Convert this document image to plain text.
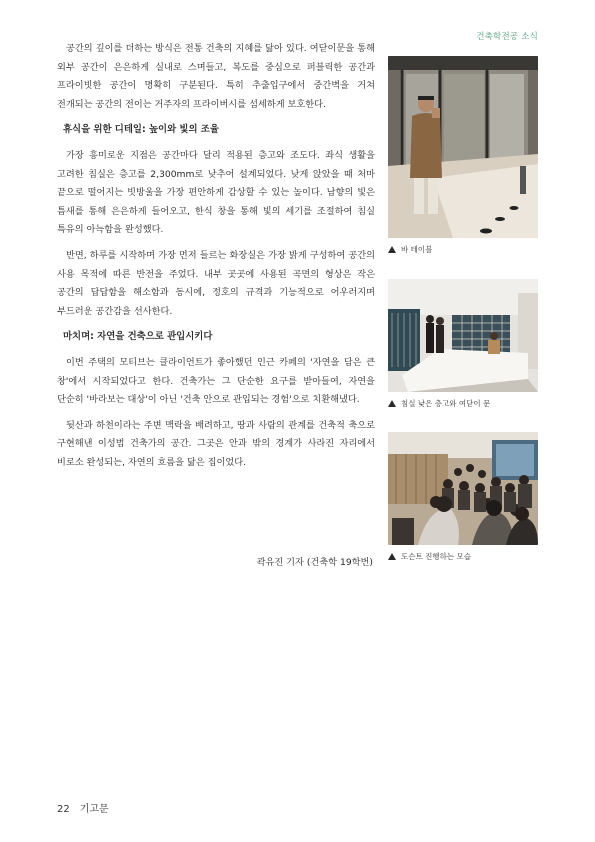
건축학전공 소식

공간의 깊이를 더하는 방식은 전통 건축의 지혜를 닮아 있다. 여닫이문을 통해 외부 공간이 은은하게 실내로 스며들고, 복도를 중심으로 퍼블릭한 공간과 프라이빗한 공간이 명확히 구분된다. 특히 추출입구에서 중간벽을 거쳐 전개되는 공간의 전이는 거주자의 프라이버시를 섬세하게 보호한다.

휴식을 위한 디테일: 높이와 빛의 조율

가장 흥미로운 지점은 공간마다 달리 적용된 층고와 조도다. 좌식 생활을 고려한 침실은 층고를 2,300mm로 낮추어 설계되었다. 낮게 앉았을 때 처마 끝으로 떨어지는 빗방울을 가장 편안하게 감상할 수 있는 높이다. 남향의 빛은 틈새를 통해 은은하게 들어오고, 한식 창을 통해 빛의 세기를 조절하여 침실 특유의 아늑함을 완성했다.

반면, 하루를 시작하며 가장 먼저 들르는 화장실은 가장 밝게 구성하여 공간의 사용 목적에 따른 반전을 주었다. 내부 곳곳에 사용된 곡면의 형상은 작은 공간의 답답함을 해소함과 동시에, 정호의 규격과 기능적으로 어우러지며 부드러운 공간감을 선사한다.

마치며: 자연을 건축으로 관입시키다

이번 주택의 모티브는 클라이언트가 좋아했던 인근 카페의 '자연을 담은 큰 창'에서 시작되었다고 한다. 건축가는 그 단순한 요구를 받아들여, 자연을 단순히 '바라보는 대상'이 아닌 '건축 안으로 관입되는 경험'으로 치환해냈다.

뒷산과 하천이라는 주변 맥락을 배려하고, 땅과 사람의 관계를 건축적 축으로 구현해낸 이성범 건축가의 공간. 그곳은 안과 밖의 경계가 사라진 자리에서 비로소 완성되는, 자연의 흐름을 닮은 집이었다.

곽유진 기자 (건축학 19학번)
바 테이블
침실 낮은 층고와 여닫이 문
도슨트 진행하는 모습
22 기고문
